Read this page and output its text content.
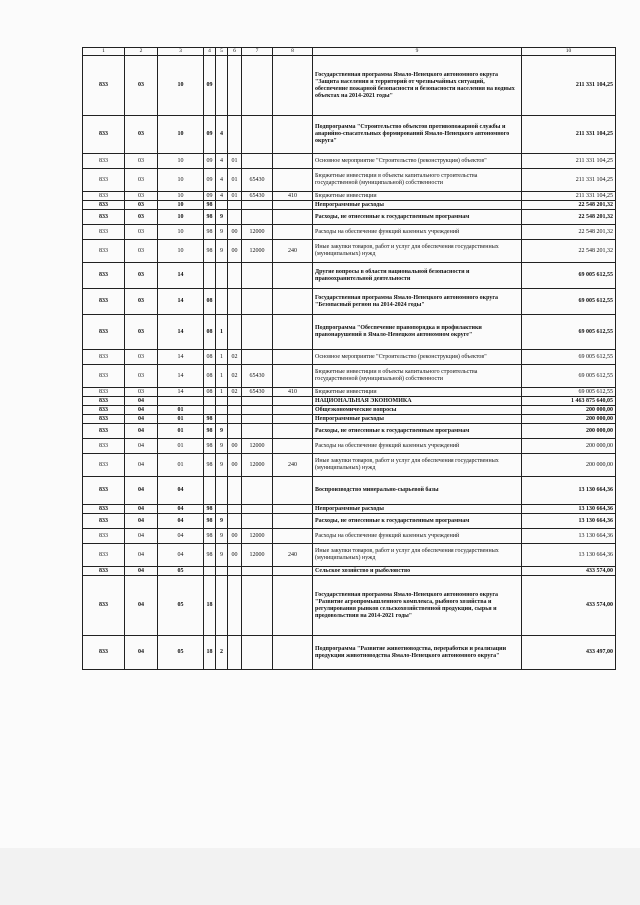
1	2	3	4	5	6	7	8	9	10
833	03	10	09					Государственная программа Ямало-Ненецкого автономного округа "Защита населения и территорий от чрезвычайных ситуаций, обеспечение пожарной безопасности и безопасности населения на водных объектах на 2014-2021 годы"	211 331 104,25
833	03	10	09	4				Подпрограмма "Строительство объектов противопожарной службы и аварийно-спасательных формирований Ямало-Ненецкого автономного округа"	211 331 104,25
833	03	10	09	4	01			Основное мероприятие "Строительство (реконструкция) объектов"	211 331 104,25
833	03	10	09	4	01	65430		Бюджетные инвестиции в объекты капитального строительства государственной (муниципальной) собственности	211 331 104,25
833	03	10	09	4	01	65430	410	Бюджетные инвестиции	211 331 104,25
833	03	10	98					Непрограммные расходы	22 548 201,32
833	03	10	98	9				Расходы, не отнесенные к государственным программам	22 548 201,32
833	03	10	98	9	00	12000		Расходы на обеспечение функций казенных учреждений	22 548 201,32
833	03	10	98	9	00	12000	240	Иные закупки товаров, работ и услуг для обеспечения государственных (муниципальных) нужд	22 548 201,32
833	03	14						Другие вопросы в области национальной безопасности и правоохранительной деятельности	69 005 612,55
833	03	14	08					Государственная программа Ямало-Ненецкого автономного округа "Безопасный регион на 2014-2024 годы"	69 005 612,55
833	03	14	08	1				Подпрограмма "Обеспечение правопорядка и профилактики правонарушений в Ямало-Ненецком автономном округе"	69 005 612,55
833	03	14	08	1	02			Основное мероприятие "Строительство (реконструкция) объектов"	69 005 612,55
833	03	14	08	1	02	65430		Бюджетные инвестиции в объекты капитального строительства государственной (муниципальной) собственности	69 005 612,55
833	03	14	08	1	02	65430	410	Бюджетные инвестиции	69 005 612,55
833	04							НАЦИОНАЛЬНАЯ ЭКОНОМИКА	1 463 875 640,05
833	04	01						Общеэкономические вопросы	200 000,00
833	04	01	98					Непрограммные расходы	200 000,00
833	04	01	98	9				Расходы, не отнесенные к государственным программам	200 000,00
833	04	01	98	9	00	12000		Расходы на обеспечение функций казенных учреждений	200 000,00
833	04	01	98	9	00	12000	240	Иные закупки товаров, работ и услуг для обеспечения государственных (муниципальных) нужд	200 000,00
833	04	04						Воспроизводство минерально-сырьевой базы	13 130 664,36
833	04	04	98					Непрограммные расходы	13 130 664,36
833	04	04	98	9				Расходы, не отнесенные к государственным программам	13 130 664,36
833	04	04	98	9	00	12000		Расходы на обеспечение функций казенных учреждений	13 130 664,36
833	04	04	98	9	00	12000	240	Иные закупки товаров, работ и услуг для обеспечения государственных (муниципальных) нужд	13 130 664,36
833	04	05						Сельское хозяйство и рыболовство	433 574,00
833	04	05	18					Государственная программа Ямало-Ненецкого автономного округа "Развитие агропромышленного комплекса, рыбного хозяйства и регулирования рынков сельскохозяйственной продукции, сырья и продовольствия на 2014-2021 годы"	433 574,00
833	04	05	18	2				Подпрограмма "Развитие животноводства, переработки и реализации продукции животноводства Ямало-Ненецкого автономного округа"	433 497,00
